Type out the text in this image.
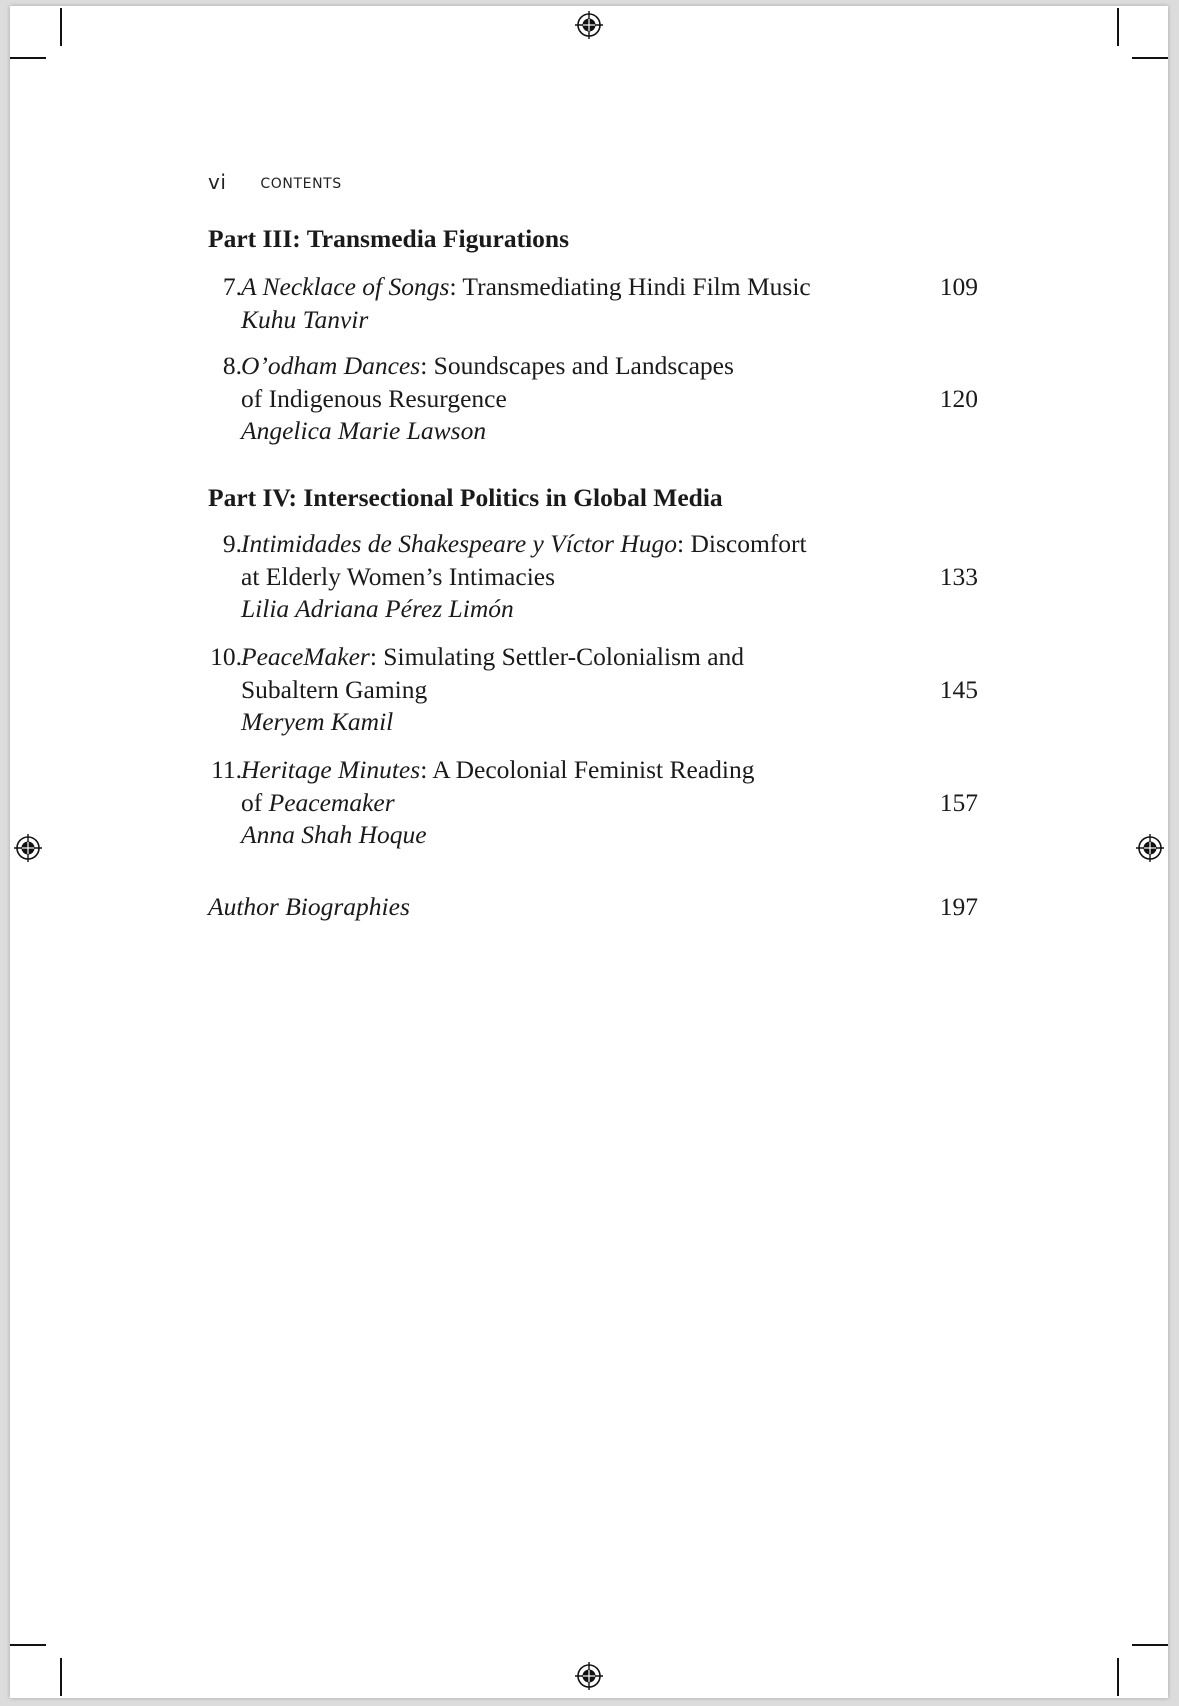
vi CONTENTS
Part III: Transmedia Figurations
7.	109
A Necklace of Songs: Transmediating Hindi Film Music
Kuhu Tanvir
8.
120
O’odham Dances: Soundscapes and Landscapes
of Indigenous Resurgence
Angelica Marie Lawson
Part IV: Intersectional Politics in Global Media
9.
133
Intimidades de Shakespeare y Víctor Hugo: Discomfort
at Elderly Women’s Intimacies
Lilia Adriana Pérez Limón
10.
145
PeaceMaker: Simulating Settler-Colonialism and
Subaltern Gaming
Meryem Kamil
11.
157
Heritage Minutes: A Decolonial Feminist Reading
of Peacemaker
Anna Shah Hoque
Author Biographies	197
